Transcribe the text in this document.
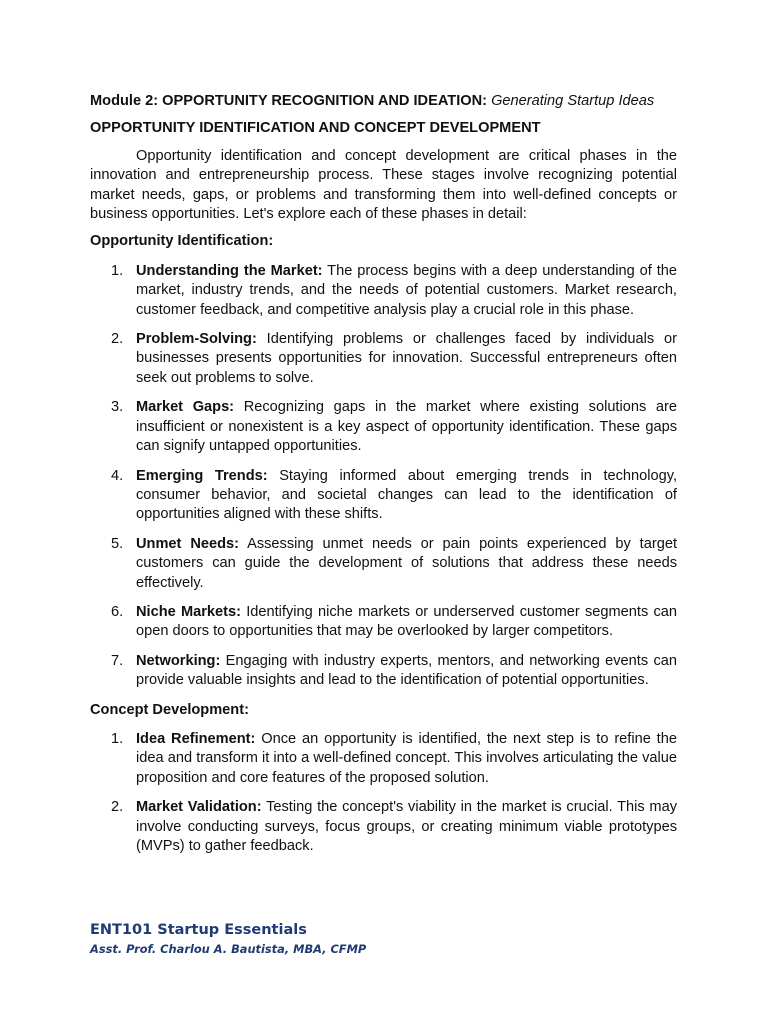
Module 2: OPPORTUNITY RECOGNITION AND IDEATION: Generating Startup Ideas

OPPORTUNITY IDENTIFICATION AND CONCEPT DEVELOPMENT

Opportunity identification and concept development are critical phases in the innovation and entrepreneurship process. These stages involve recognizing potential market needs, gaps, or problems and transforming them into well-defined concepts or business opportunities. Let's explore each of these phases in detail:

Opportunity Identification:

1. Understanding the Market: The process begins with a deep understanding of the market, industry trends, and the needs of potential customers. Market research, customer feedback, and competitive analysis play a crucial role in this phase.
2. Problem-Solving: Identifying problems or challenges faced by individuals or businesses presents opportunities for innovation. Successful entrepreneurs often seek out problems to solve.
3. Market Gaps: Recognizing gaps in the market where existing solutions are insufficient or nonexistent is a key aspect of opportunity identification. These gaps can signify untapped opportunities.
4. Emerging Trends: Staying informed about emerging trends in technology, consumer behavior, and societal changes can lead to the identification of opportunities aligned with these shifts.
5. Unmet Needs: Assessing unmet needs or pain points experienced by target customers can guide the development of solutions that address these needs effectively.
6. Niche Markets: Identifying niche markets or underserved customer segments can open doors to opportunities that may be overlooked by larger competitors.
7. Networking: Engaging with industry experts, mentors, and networking events can provide valuable insights and lead to the identification of potential opportunities.

Concept Development:

1. Idea Refinement: Once an opportunity is identified, the next step is to refine the idea and transform it into a well-defined concept. This involves articulating the value proposition and core features of the proposed solution.
2. Market Validation: Testing the concept's viability in the market is crucial. This may involve conducting surveys, focus groups, or creating minimum viable prototypes (MVPs) to gather feedback.
ENT101 Startup Essentials
Asst. Prof. Charlou A. Bautista, MBA, CFMP
